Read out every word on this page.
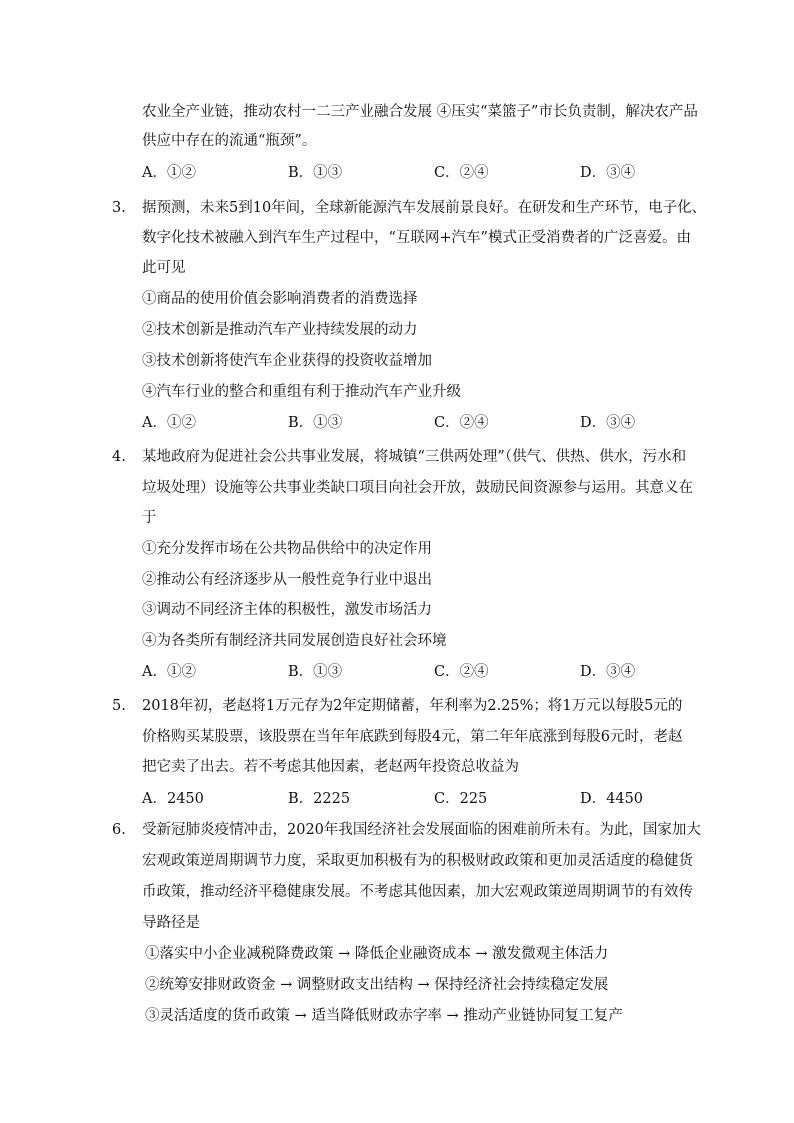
农业全产业链，推动农村一二三产业融合发展 ④压实“菜篮子”市长负责制，解决农产品
供应中存在的流通“瓶颈”。
A．①②	B．①③	C．②④	D．③④
3. 据预测，未来5到10年间，全球新能源汽车发展前景良好。在研发和生产环节，电子化、
数字化技术被融入到汽车生产过程中，“互联网+汽车”模式正受消费者的广泛喜爱。由
此可见
①商品的使用价值会影响消费者的消费选择
②技术创新是推动汽车产业持续发展的动力
③技术创新将使汽车企业获得的投资收益增加
④汽车行业的整合和重组有利于推动汽车产业升级
A．①②	B．①③	C．②④	D．③④
4. 某地政府为促进社会公共事业发展，将城镇“三供两处理”（供气、供热、供水，污水和
垃圾处理）设施等公共事业类缺口项目向社会开放，鼓励民间资源参与运用。其意义在
于
①充分发挥市场在公共物品供给中的决定作用
②推动公有经济逐步从一般性竞争行业中退出
③调动不同经济主体的积极性，激发市场活力
④为各类所有制经济共同发展创造良好社会环境
A．①②	B．①③	C．②④	D．③④
5. 2018年初，老赵将1万元存为2年定期储蓄，年利率为2.25%；将1万元以每股5元的
价格购买某股票，该股票在当年年底跌到每股4元，第二年年底涨到每股6元时，老赵
把它卖了出去。若不考虑其他因素，老赵两年投资总收益为
A．2450	B．2225	C．225	D．4450
6. 受新冠肺炎疫情冲击，2020年我国经济社会发展面临的困难前所未有。为此，国家加大
宏观政策逆周期调节力度，采取更加积极有为的积极财政政策和更加灵活适度的稳健货
币政策，推动经济平稳健康发展。不考虑其他因素，加大宏观政策逆周期调节的有效传
导路径是
①落实中小企业减税降费政策 → 降低企业融资成本 → 激发微观主体活力
②统筹安排财政资金 → 调整财政支出结构 → 保持经济社会持续稳定发展
③灵活适度的货币政策 → 适当降低财政赤字率 → 推动产业链协同复工复产
